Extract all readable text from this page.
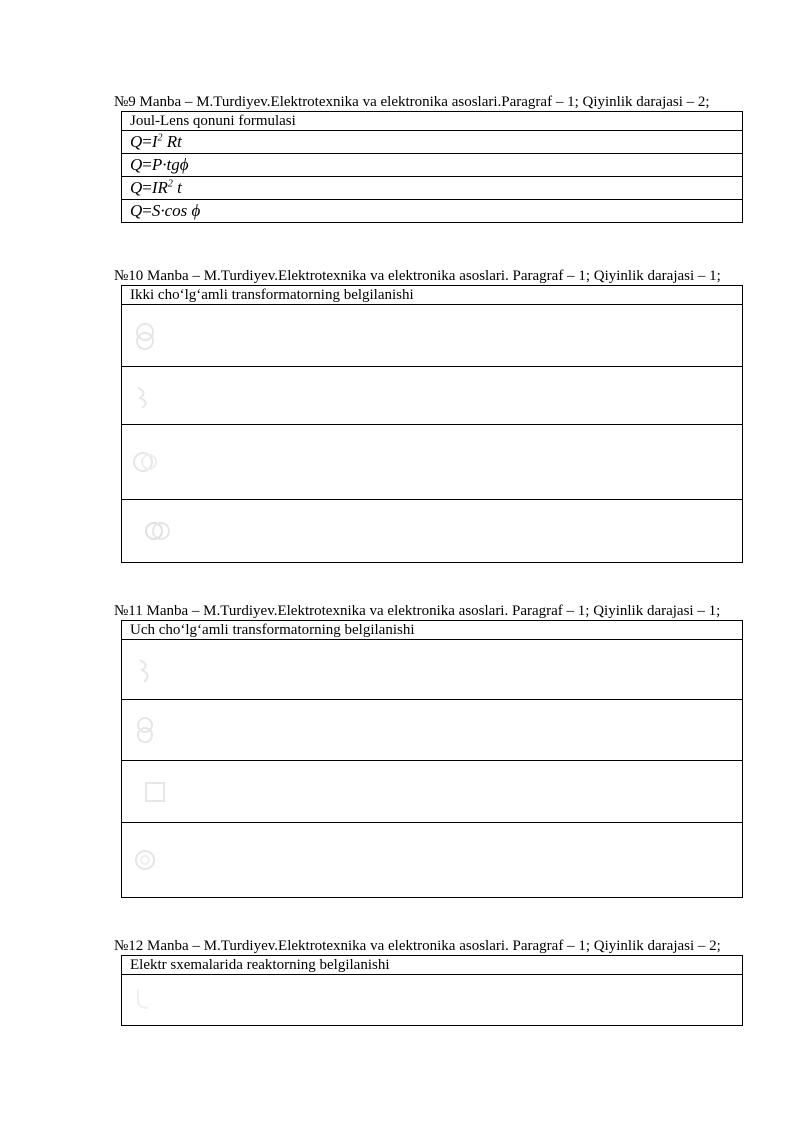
№9 Manba – M.Turdiyev.Elektrotexnika va elektronika asoslari.Paragraf – 1; Qiyinlik darajasi – 2;

Joul-Lens qonuni formulasi
$Q=I^2$ Rt
Q=P·tgϕ
$Q=IR^2$ t
Q=S·cos ϕ

№10 Manba – M.Turdiyev.Elektrotexnika va elektronika asoslari. Paragraf – 1; Qiyinlik darajasi – 1;

Ikki cho‘lg‘amli transformatorning belgilanishi

№11 Manba – M.Turdiyev.Elektrotexnika va elektronika asoslari. Paragraf – 1; Qiyinlik darajasi – 1;

Uch cho‘lg‘amli transformatorning belgilanishi

№12 Manba – M.Turdiyev.Elektrotexnika va elektronika asoslari. Paragraf – 1; Qiyinlik darajasi – 2;

Elektr sxemalarida reaktorning belgilanishi
